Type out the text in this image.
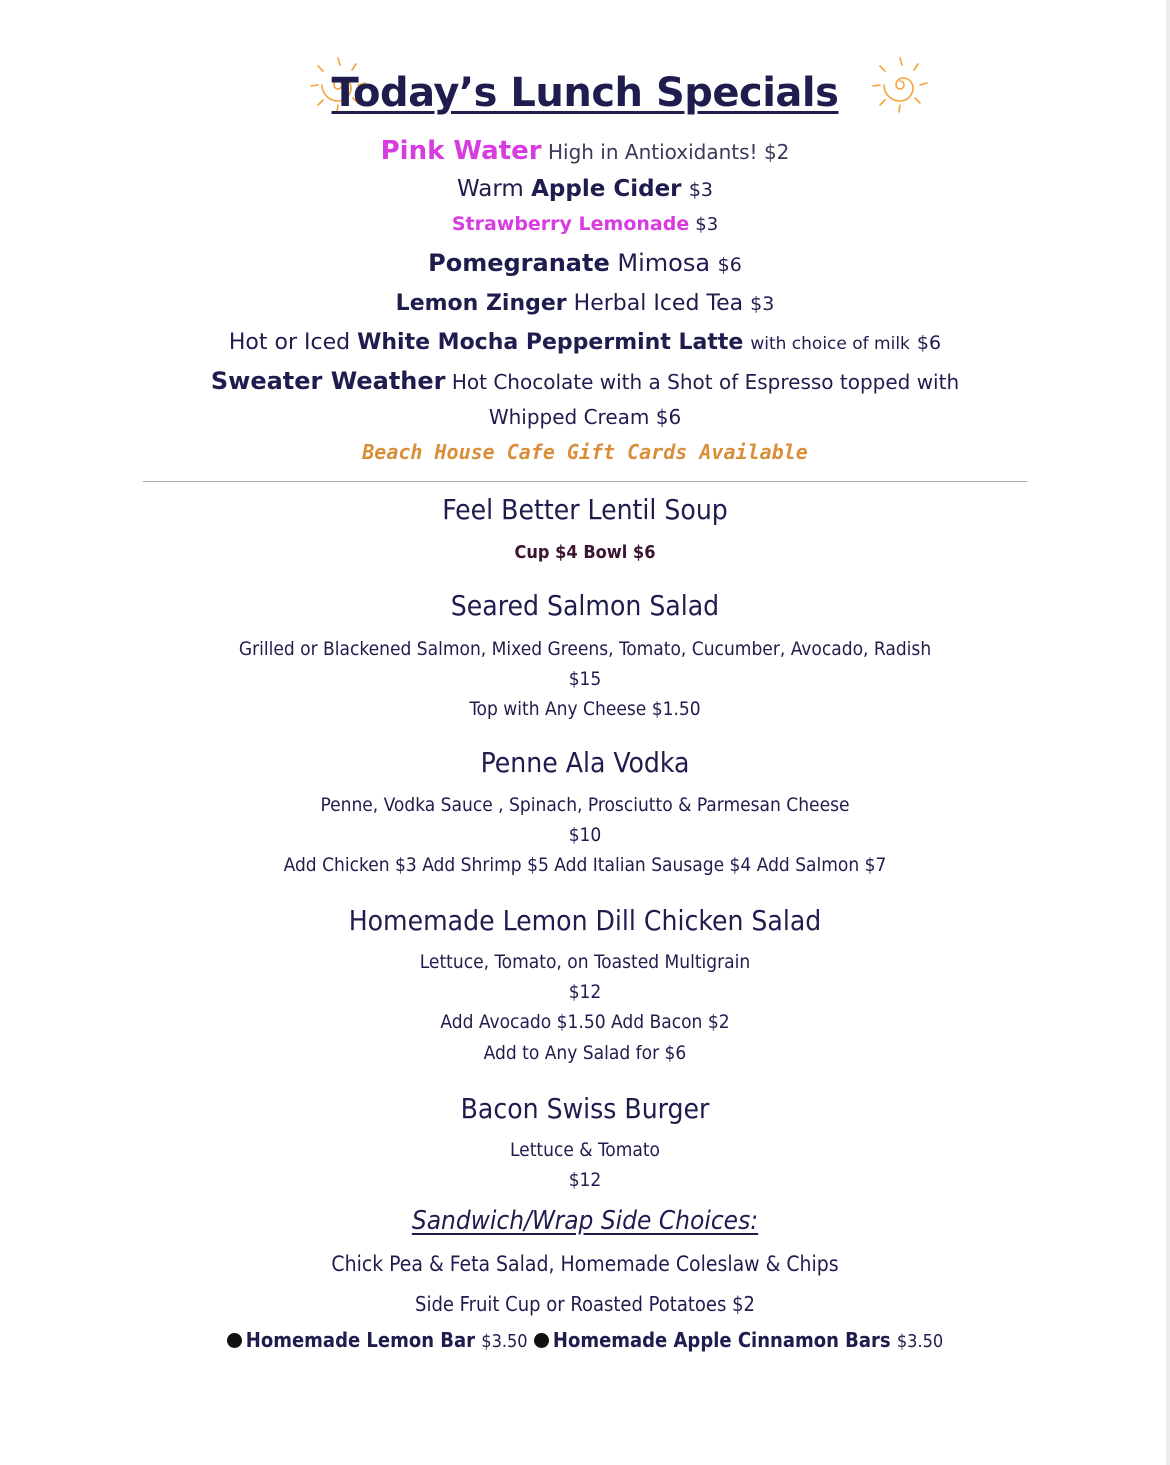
Today’s Lunch Specials
Pink Water High in Antioxidants! $2
Warm Apple Cider $3
Strawberry Lemonade $3
Pomegranate Mimosa $6
Lemon Zinger Herbal Iced Tea $3
Hot or Iced White Mocha Peppermint Latte with choice of milk $6
Sweater Weather Hot Chocolate with a Shot of Espresso topped with
Whipped Cream $6
Beach House Cafe Gift Cards Available
Feel Better Lentil Soup
Cup $4 Bowl $6
Seared Salmon Salad
Grilled or Blackened Salmon, Mixed Greens, Tomato, Cucumber, Avocado, Radish
$15
Top with Any Cheese $1.50
Penne Ala Vodka
Penne, Vodka Sauce , Spinach, Prosciutto & Parmesan Cheese
$10
Add Chicken $3 Add Shrimp $5 Add Italian Sausage $4 Add Salmon $7
Homemade Lemon Dill Chicken Salad
Lettuce, Tomato, on Toasted Multigrain
$12
Add Avocado $1.50 Add Bacon $2
Add to Any Salad for $6
Bacon Swiss Burger
Lettuce & Tomato
$12
Sandwich/Wrap Side Choices:
Chick Pea & Feta Salad, Homemade Coleslaw & Chips
Side Fruit Cup or Roasted Potatoes $2
Homemade Lemon Bar $3.50 Homemade Apple Cinnamon Bars $3.50
